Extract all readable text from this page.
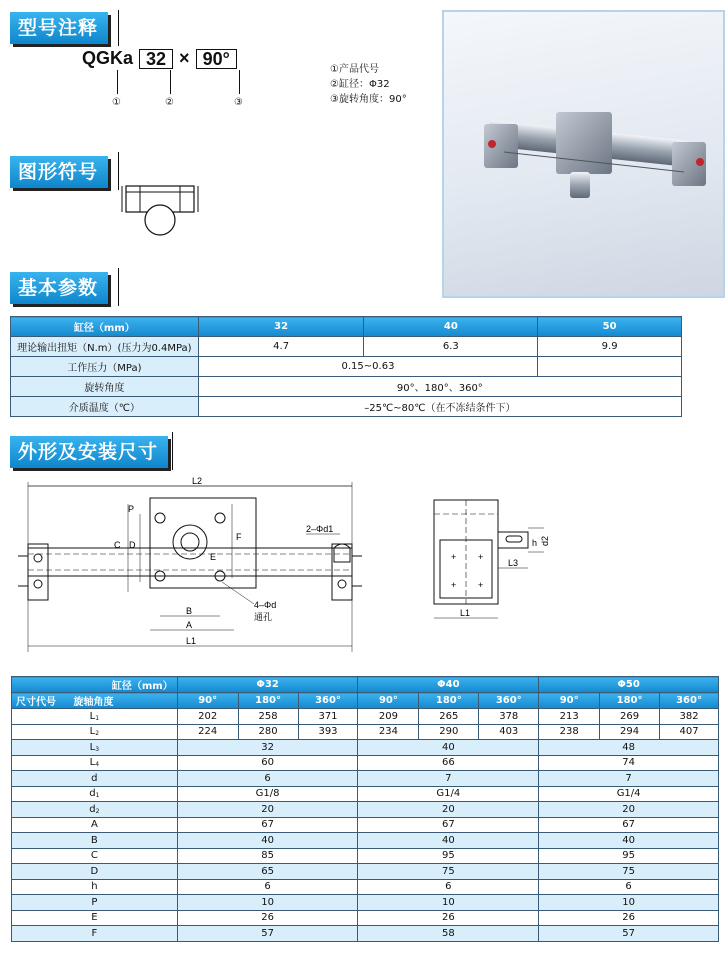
型号注释
QGKa 32 × 90°
①	②	③
①产品代号
②缸径：Φ32
③旋转角度：90°
图形符号
基本参数
缸径（mm）	32	40	50
理论输出扭矩（N.m）(压力为0.4MPa)	4.7	6.3	9.9
工作压力（MPa)	0.15~0.63		
旋转角度	90°、180°、360°		
介质温度（℃）	–25℃~80℃（在不冻结条件下）		
外形及安装尺寸
L2
C D
P
F
E
2–Φd1
4–Φd
通孔
B
A
L1
+ +
+ +
h d2
L3
L1
缸径（mm）	Φ32			Φ40			Φ50		
尺寸代号 旋轴角度	90°	180°	360°	90°	180°	360°	90°	180°	360°
$L_1$	202	258	371	209	265	378	213	269	382
$L_2$	224	280	393	234	290	403	238	294	407
$L_3$	32			40			48		
$L_4$	60			66			74		
d	6			7			7		
$d_1$	G1/8			G1/4			G1/4		
$d_2$	20			20			20		
A	67			67			67		
B	40			40			40		
C	85			95			95		
D	65			75			75		
h	6			6			6		
P	10			10			10		
E	26			26			26		
F	57			58			57		
